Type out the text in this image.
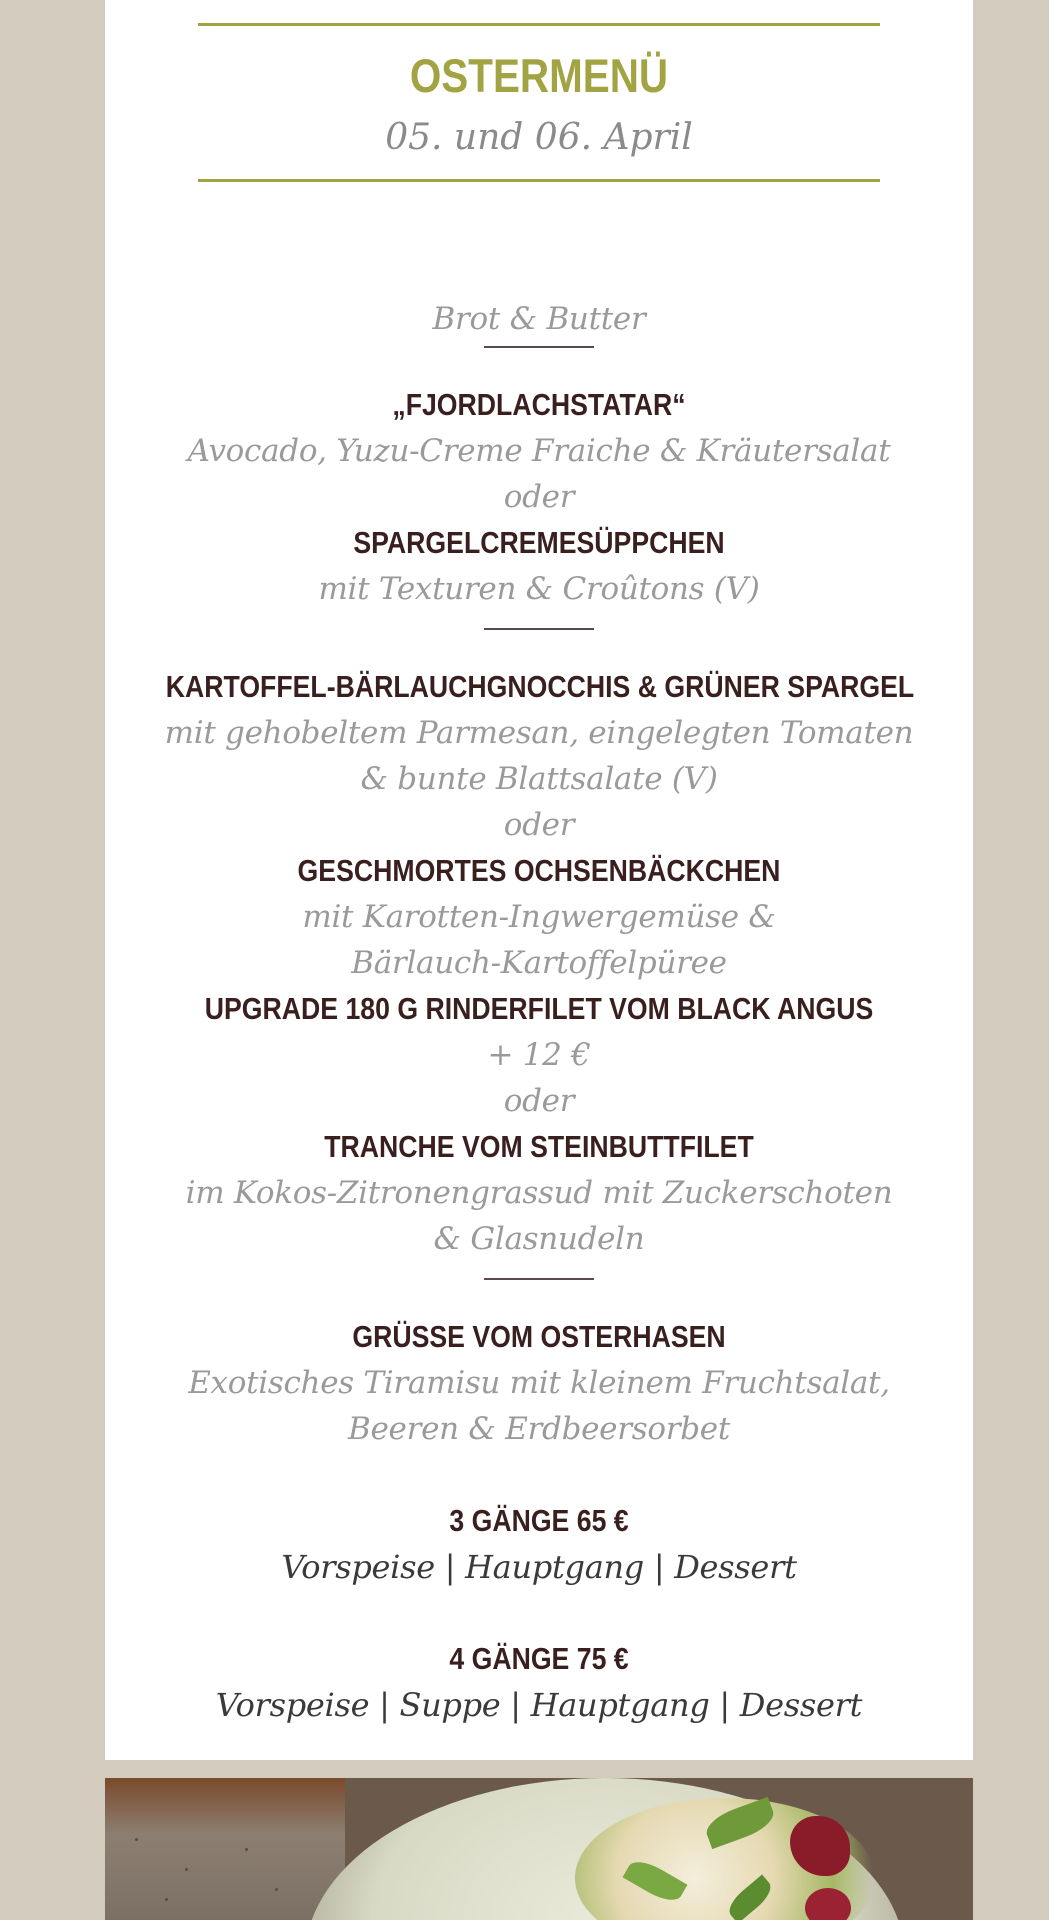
OSTERMENÜ
05. und 06. April
Brot & Butter
„FJORDLACHSTATAR“
Avocado, Yuzu-Creme Fraiche & Kräutersalat
oder
SPARGELCREMESÜPPCHEN
mit Texturen & Croûtons (V)
KARTOFFEL-BÄRLAUCHGNOCCHIS & GRÜNER SPARGEL
mit gehobeltem Parmesan, eingelegten Tomaten
& bunte Blattsalate (V)
oder
GESCHMORTES OCHSENBÄCKCHEN
mit Karotten-Ingwergemüse &
Bärlauch-Kartoffelpüree
UPGRADE 180 G RINDERFILET VOM BLACK ANGUS
+ 12 €
oder
TRANCHE VOM STEINBUTTFILET
im Kokos-Zitronengrassud mit Zuckerschoten
& Glasnudeln
GRÜSSE VOM OSTERHASEN
Exotisches Tiramisu mit kleinem Fruchtsalat,
Beeren & Erdbeersorbet
3 GÄNGE 65 €
Vorspeise | Hauptgang | Dessert
4 GÄNGE 75 €
Vorspeise | Suppe | Hauptgang | Dessert
